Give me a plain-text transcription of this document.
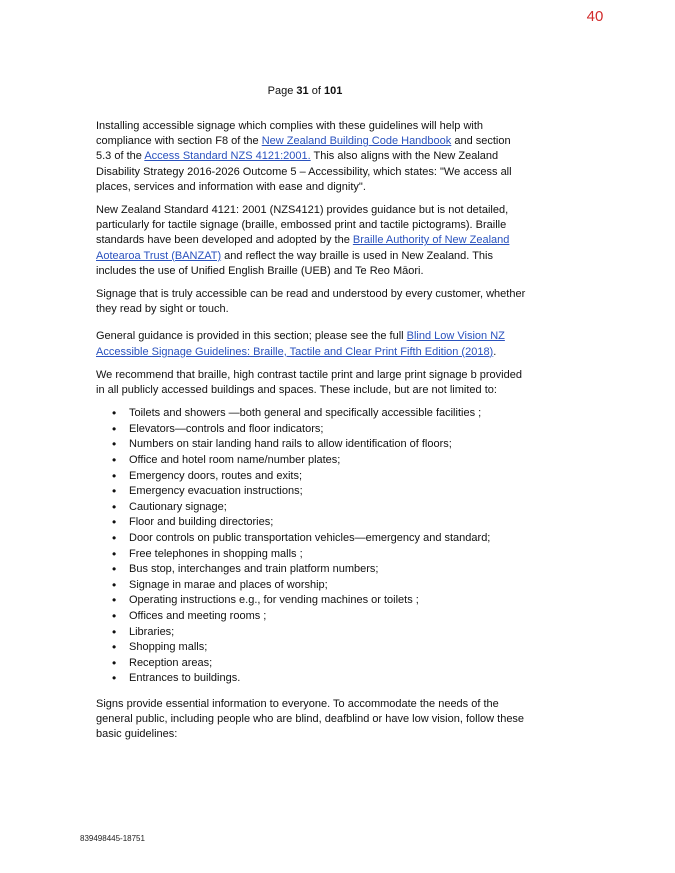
40
Page 31 of 101

Installing accessible signage which complies with these guidelines will help with compliance with section F8 of the New Zealand Building Code Handbook and section 5.3 of the Access Standard NZS 4121:2001. This also aligns with the New Zealand Disability Strategy 2016-2026 Outcome 5 – Accessibility, which states: "We access all places, services and information with ease and dignity".

New Zealand Standard 4121: 2001 (NZS4121) provides guidance but is not detailed, particularly for tactile signage (braille, embossed print and tactile pictograms). Braille standards have been developed and adopted by the Braille Authority of New Zealand Aotearoa Trust (BANZAT) and reflect the way braille is used in New Zealand. This includes the use of Unified English Braille (UEB) and Te Reo Māori.

Signage that is truly accessible can be read and understood by every customer, whether they read by sight or touch.

General guidance is provided in this section; please see the full Blind Low Vision NZ Accessible Signage Guidelines: Braille, Tactile and Clear Print Fifth Edition (2018).

We recommend that braille, high contrast tactile print and large print signage b provided in all publicly accessed buildings and spaces. These include, but are not limited to:

• Toilets and showers —both general and specifically accessible facilities ;
• Elevators—controls and floor indicators;
• Numbers on stair landing hand rails to allow identification of floors;
• Office and hotel room name/number plates;
• Emergency doors, routes and exits;
• Emergency evacuation instructions;
• Cautionary signage;
• Floor and building directories;
• Door controls on public transportation vehicles—emergency and standard;
• Free telephones in shopping malls ;
• Bus stop, interchanges and train platform numbers;
• Signage in marae and places of worship;
• Operating instructions e.g., for vending machines or toilets ;
• Offices and meeting rooms ;
• Libraries;
• Shopping malls;
• Reception areas;
• Entrances to buildings.

Signs provide essential information to everyone. To accommodate the needs of the general public, including people who are blind, deafblind or have low vision, follow these basic guidelines:

839498445-18751
